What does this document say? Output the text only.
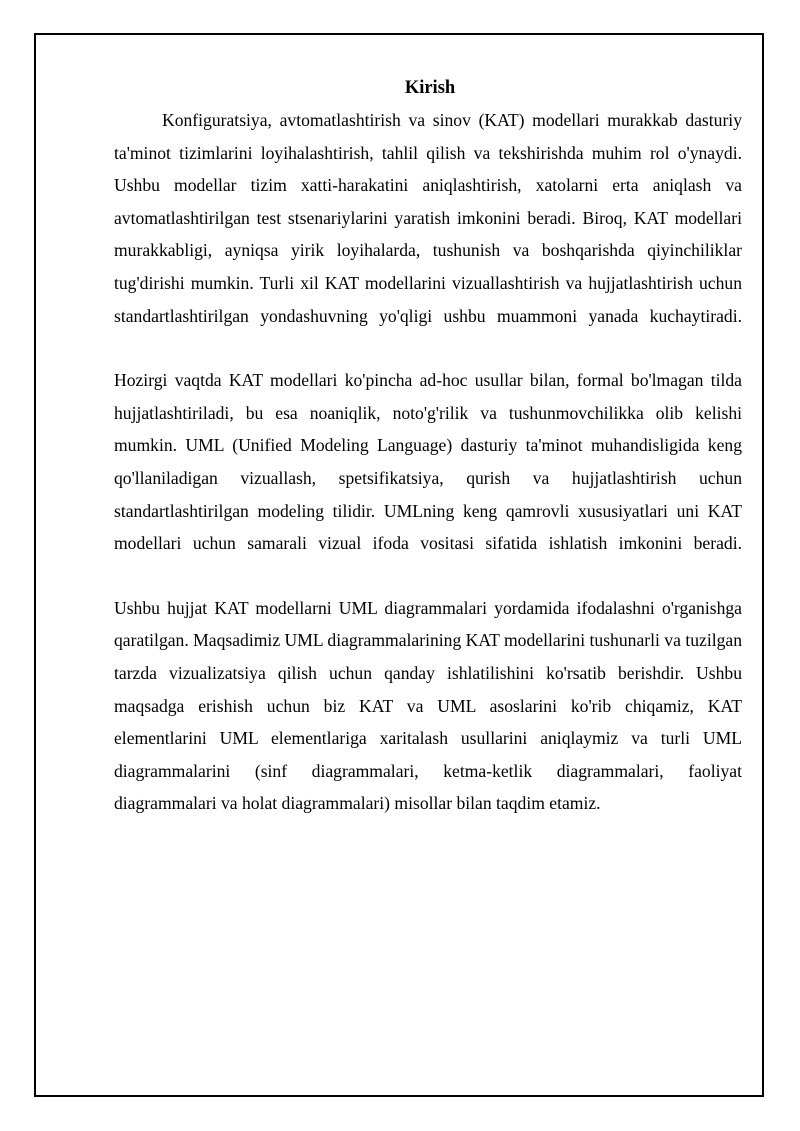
Kirish

Konfiguratsiya, avtomatlashtirish va sinov (KAT) modellari murakkab dasturiy ta'minot tizimlarini loyihalashtirish, tahlil qilish va tekshirishda muhim rol o'ynaydi. Ushbu modellar tizim xatti-harakatini aniqlashtirish, xatolarni erta aniqlash va avtomatlashtirilgan test stsenariylarini yaratish imkonini beradi. Biroq, KAT modellari murakkabligi, ayniqsa yirik loyihalarda, tushunish va boshqarishda qiyinchiliklar tug'dirishi mumkin. Turli xil KAT modellarini vizuallashtirish va hujjatlashtirish uchun standartlashtirilgan yondashuvning yo'qligi ushbu muammoni yanada kuchaytiradi.

Hozirgi vaqtda KAT modellari ko'pincha ad-hoc usullar bilan, formal bo'lmagan tilda hujjatlashtiriladi, bu esa noaniqlik, noto'g'rilik va tushunmovchilikka olib kelishi mumkin. UML (Unified Modeling Language) dasturiy ta'minot muhandisligida keng qo'llaniladigan vizuallash, spetsifikatsiya, qurish va hujjatlashtirish uchun standartlashtirilgan modeling tilidir. UMLning keng qamrovli xususiyatlari uni KAT modellari uchun samarali vizual ifoda vositasi sifatida ishlatish imkonini beradi.

Ushbu hujjat KAT modellarni UML diagrammalari yordamida ifodalashni o'rganishga qaratilgan. Maqsadimiz UML diagrammalarining KAT modellarini tushunarli va tuzilgan tarzda vizualizatsiya qilish uchun qanday ishlatilishini ko'rsatib berishdir. Ushbu maqsadga erishish uchun biz KAT va UML asoslarini ko'rib chiqamiz, KAT elementlarini UML elementlariga xaritalash usullarini aniqlaymiz va turli UML diagrammalarini (sinf diagrammalari, ketma-ketlik diagrammalari, faoliyat diagrammalari va holat diagrammalari) misollar bilan taqdim etamiz.
